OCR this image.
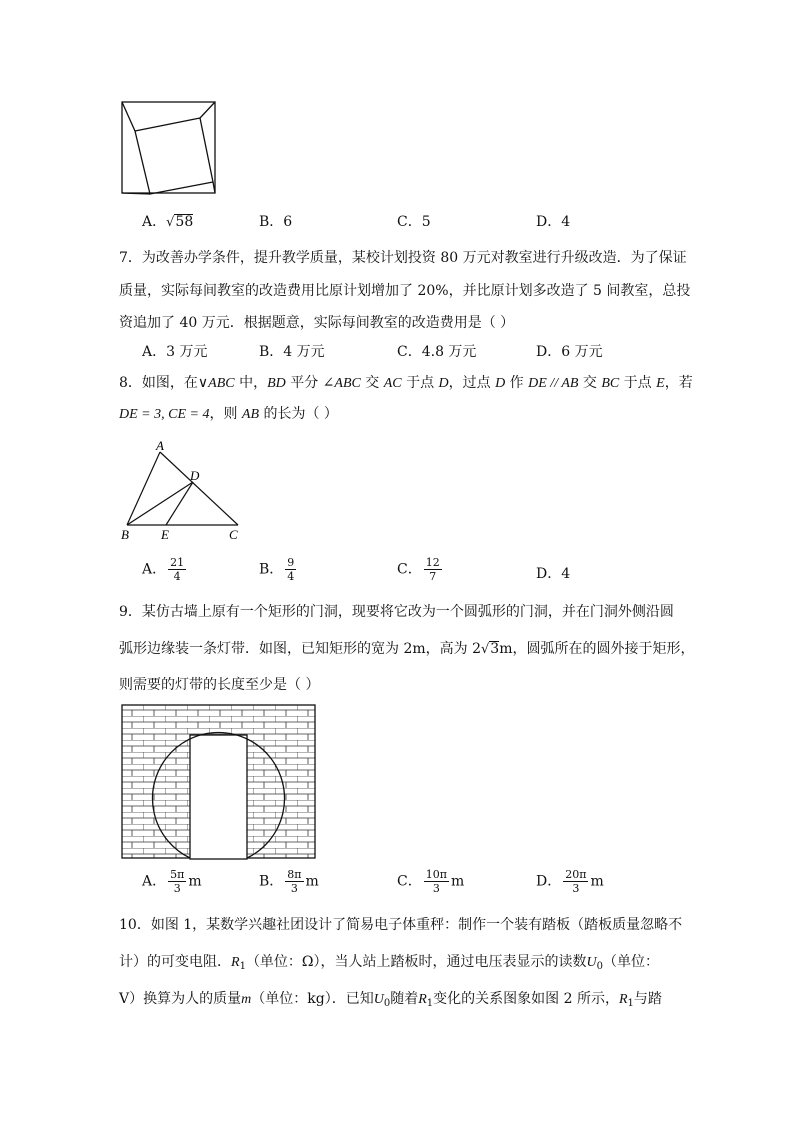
A．√58	B．6	C．5	D．4
7．为改善办学条件，提升教学质量，某校计划投资 80 万元对教室进行升级改造．为了保证
质量，实际每间教室的改造费用比原计划增加了 20%，并比原计划多改造了 5 间教室，总投
资追加了 40 万元．根据题意，实际每间教室的改造费用是（ ）
A．3 万元	B．4 万元	C．4.8 万元	D．6 万元
8．如图，在∨ABC 中，BD 平分 ∠ABC 交 AC 于点 D，过点 D 作 DE // AB 交 BC 于点 E，若
DE = 3, CE = 4，则 AB 的长为（ ）
A
D
B E	C
A． $\frac{21}{4}$	B． $\frac{9}{4}$	C． $\frac{12}{7}$	D．4
9．某仿古墙上原有一个矩形的门洞，现要将它改为一个圆弧形的门洞，并在门洞外侧沿圆
弧形边缘装一条灯带．如图，已知矩形的宽为 2m，高为 2√3m，圆弧所在的圆外接于矩形，
则需要的灯带的长度至少是（ ）
A． $\frac{5\pi}{3}$ m	B． $\frac{8\pi}{3}$ m	C． $\frac{10\pi}{3}$ m	D． $\frac{20\pi}{3}$ m
10．如图 1，某数学兴趣社团设计了简易电子体重秤：制作一个装有踏板（踏板质量忽略不
计）的可变电阻．$R_1$（单位：Ω），当人站上踏板时，通过电压表显示的读数$U_0$（单位：
V）换算为人的质量m（单位：kg）．已知$U_0$随着$R_1$变化的关系图象如图 2 所示，$R_1$与踏
